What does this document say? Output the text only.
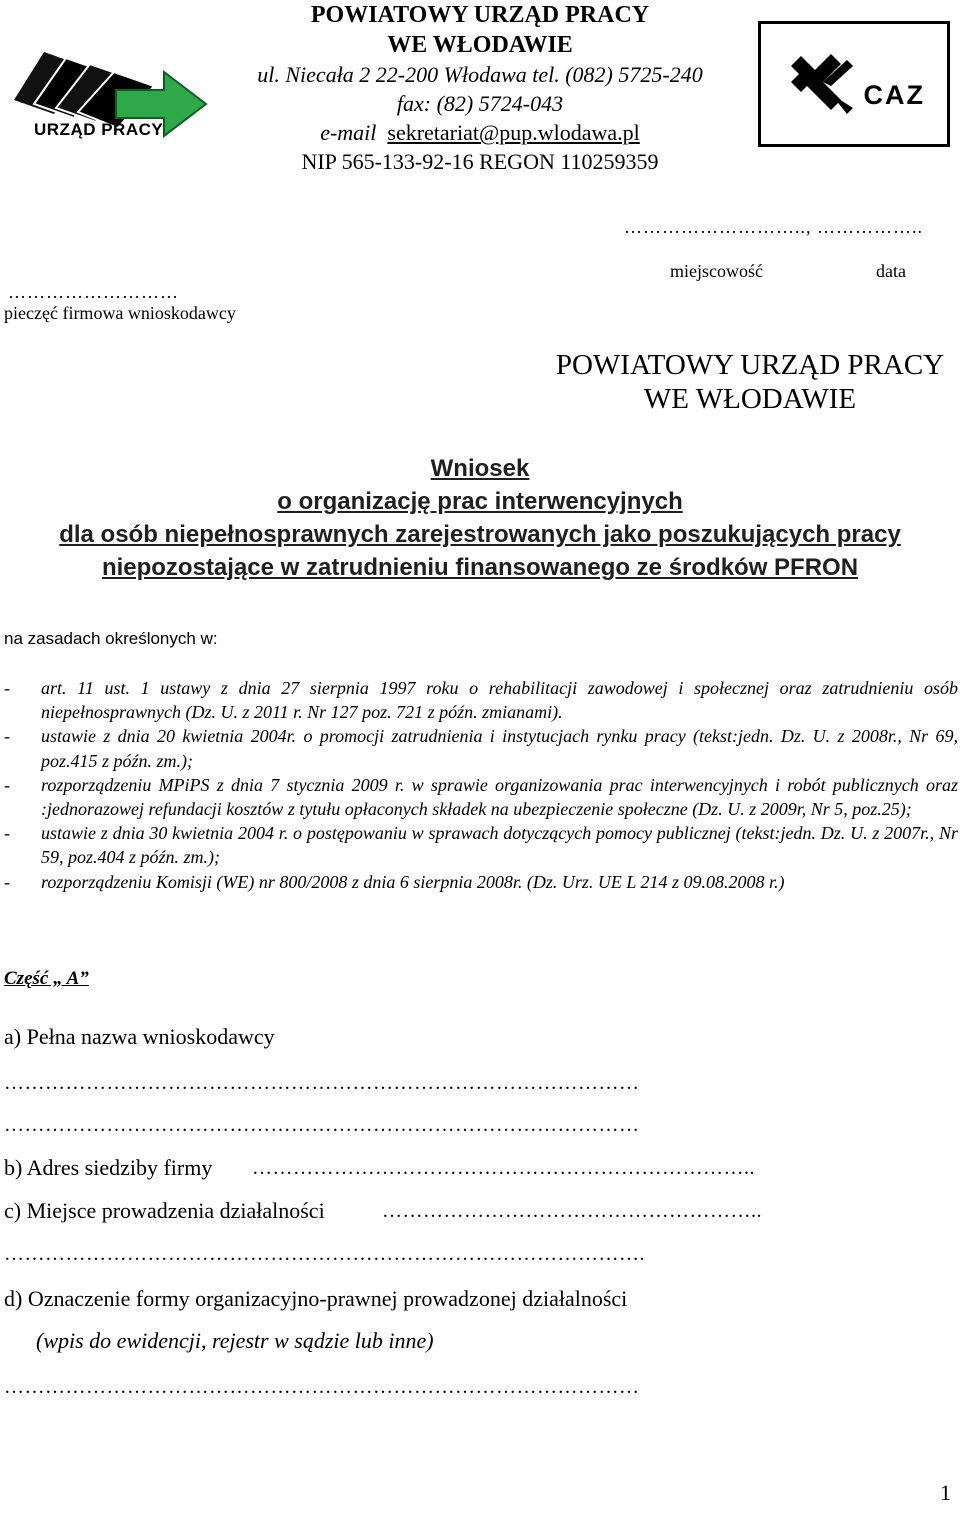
URZĄD PRACY
POWIATOWY URZĄD PRACY
WE WŁODAWIE
ul. Niecała 2 22-200 Włodawa tel. (082) 5725-240
fax: (82) 5724-043
e-mail sekretariat@pup.wlodawa.pl
NIP 565-133-92-16 REGON 110259359
CAZ
………………………
pieczęć firmowa wnioskodawcy
……………………….., ……………..
miejscowość	data
POWIATOWY URZĄD PRACY
WE WŁODAWIE
Wniosek
o organizację prac interwencyjnych
dla osób niepełnosprawnych zarejestrowanych jako poszukujących pracy
niepozostające w zatrudnieniu finansowanego ze środków PFRON
na zasadach określonych w:
-	art. 11 ust. 1 ustawy z dnia 27 sierpnia 1997 roku o rehabilitacji zawodowej i społecznej oraz zatrudnieniu osób niepełnosprawnych (Dz. U. z 2011 r. Nr 127 poz. 721 z późn. zmianami).
-	ustawie z dnia 20 kwietnia 2004r. o promocji zatrudnienia i instytucjach rynku pracy (tekst:jedn. Dz. U. z 2008r., Nr 69, poz.415 z późn. zm.);
-	rozporządzeniu MPiPS z dnia 7 stycznia 2009 r. w sprawie organizowania prac interwencyjnych i robót publicznych oraz :jednorazowej refundacji kosztów z tytułu opłaconych składek na ubezpieczenie społeczne (Dz. U. z 2009r, Nr 5, poz.25);
-	ustawie z dnia 30 kwietnia 2004 r. o postępowaniu w sprawach dotyczących pomocy publicznej (tekst:jedn. Dz. U. z 2007r., Nr 59, poz.404 z późn. zm.);
-	rozporządzeniu Komisji (WE) nr 800/2008 z dnia 6 sierpnia 2008r. (Dz. Urz. UE L 214 z 09.08.2008 r.)
Część „ A”
a) Pełna nazwa wnioskodawcy
…………………………………………………………………………………
…………………………………………………………………………………
b) Adres siedziby firmy ………………………………………………………………..
c) Miejsce prowadzenia działalności	………………………………………………..
………………………………………………………………………………….
d) Oznaczenie formy organizacyjno-prawnej prowadzonej działalności
(wpis do ewidencji, rejestr w sądzie lub inne)
…………………………………………………………………………………
1
